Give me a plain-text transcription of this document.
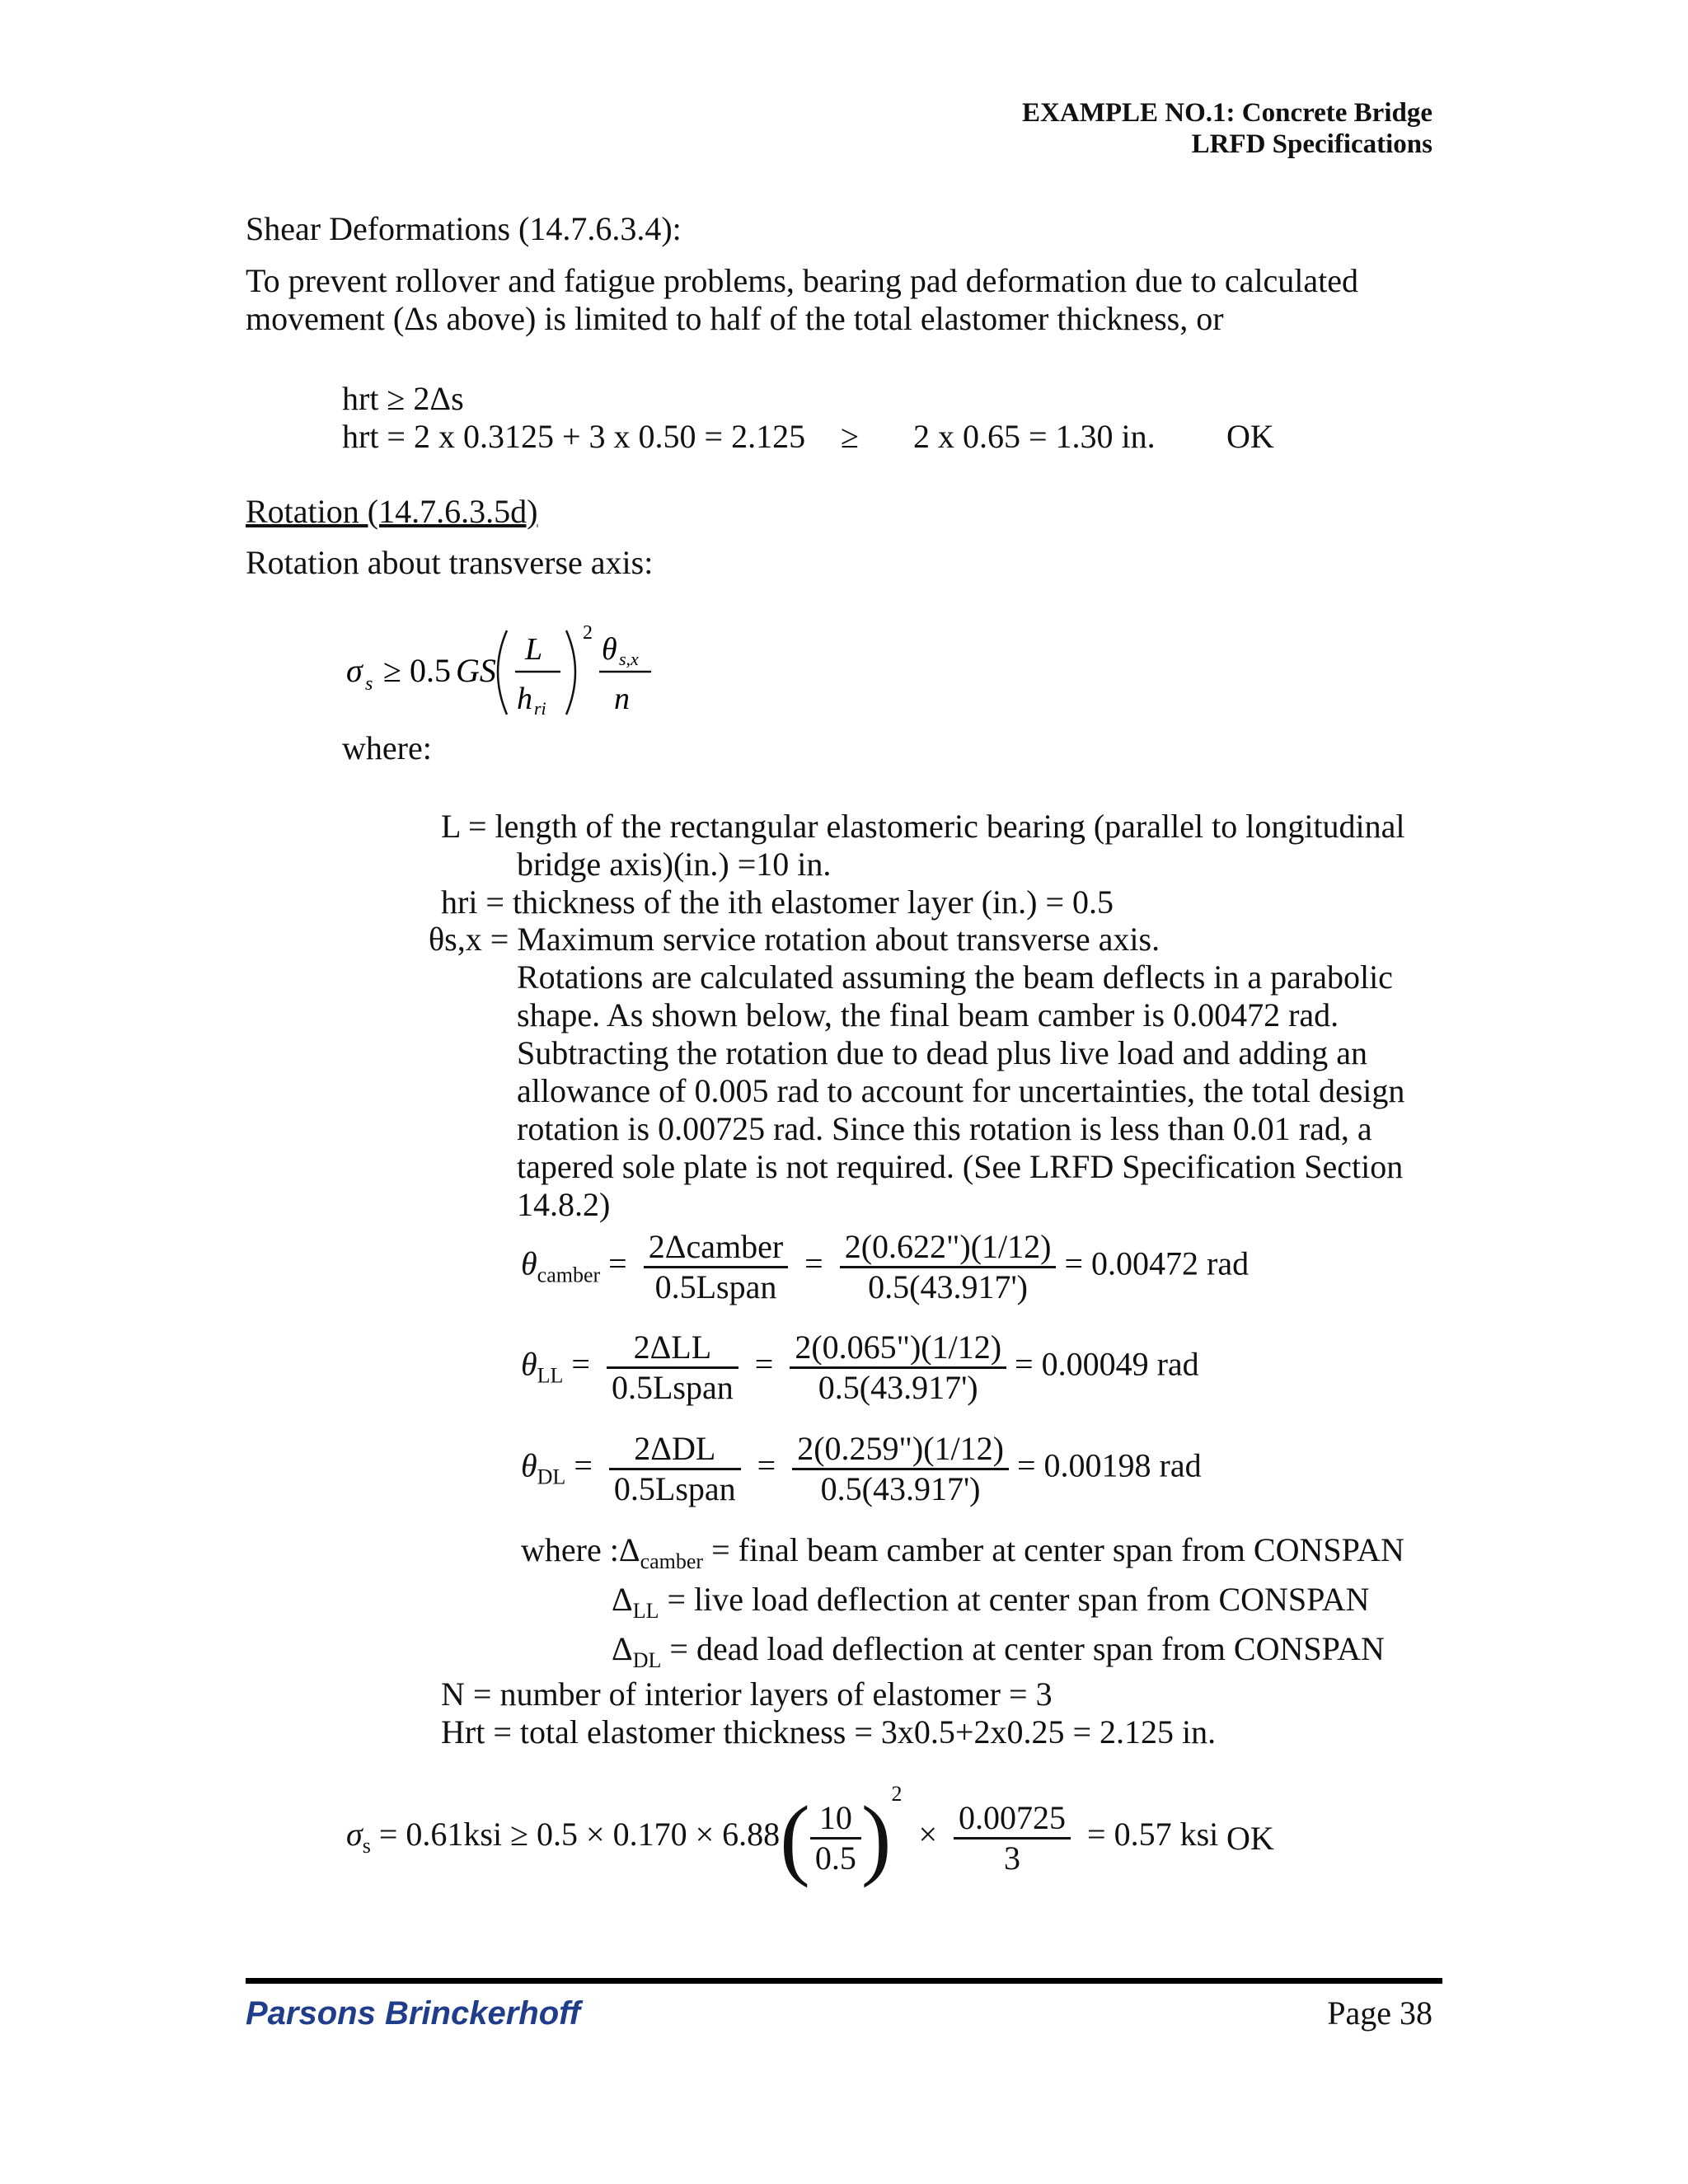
EXAMPLE NO.1: Concrete Bridge
LRFD Specifications
Shear Deformations (14.7.6.3.4):
To prevent rollover and fatigue problems, bearing pad deformation due to calculated
movement (Δs above) is limited to half of the total elastomer thickness, or
hrt ≥ 2Δs
hrt = 2 x 0.3125 + 3 x 0.50 = 2.125 ≥ 2 x 0.65 = 1.30 in. OK
Rotation (14.7.6.3.5d)
Rotation about transverse axis:
σ s ≥ 0.5 GS
L
h ri
2 θ s,x
n
where:
L = length of the rectangular elastomeric bearing (parallel to longitudinal
bridge axis)(in.) =10 in.
hri = thickness of the ith elastomer layer (in.) = 0.5
θs,x = Maximum service rotation about transverse axis.
Rotations are calculated assuming the beam deflects in a parabolic
shape. As shown below, the final beam camber is 0.00472 rad.
Subtracting the rotation due to dead plus live load and adding an
allowance of 0.005 rad to account for uncertainties, the total design
rotation is 0.00725 rad. Since this rotation is less than 0.01 rad, a
tapered sole plate is not required. (See LRFD Specification Section
14.8.2)
$\theta_{camber} = \frac{\text{2Δcamber}}{\text{0.5Lspan}} = \frac{2(0.622")(1/12)}{0.5(43.917')} = 0.00472$ rad
$\theta_{LL} = \frac{\text{2ΔLL}}{\text{0.5Lspan}} = \frac{2(0.065")(1/12)}{0.5(43.917')} = 0.00049$ rad
$\theta_{DL} = \frac{\text{2ΔDL}}{\text{0.5Lspan}} = \frac{2(0.259")(1/12)}{0.5(43.917')} = 0.00198$ rad
where $:\Delta_{camber}$ = final beam camber at center span from CONSPAN
$\Delta_{LL}$ = live load deflection at center span from CONSPAN
$\Delta_{DL}$ = dead load deflection at center span from CONSPAN
N = number of interior layers of elastomer = 3
Hrt = total elastomer thickness = 3x0.5+2x0.25 = 2.125 in.
$\sigma_s = 0.61ksi \ge 0.5 \times 0.170 \times 6.88( \frac{10}{0.5} )^2 \times \frac{0.00725}{3} = 0.57$ ksi OK
Parsons Brinckerhoff	Page 38
